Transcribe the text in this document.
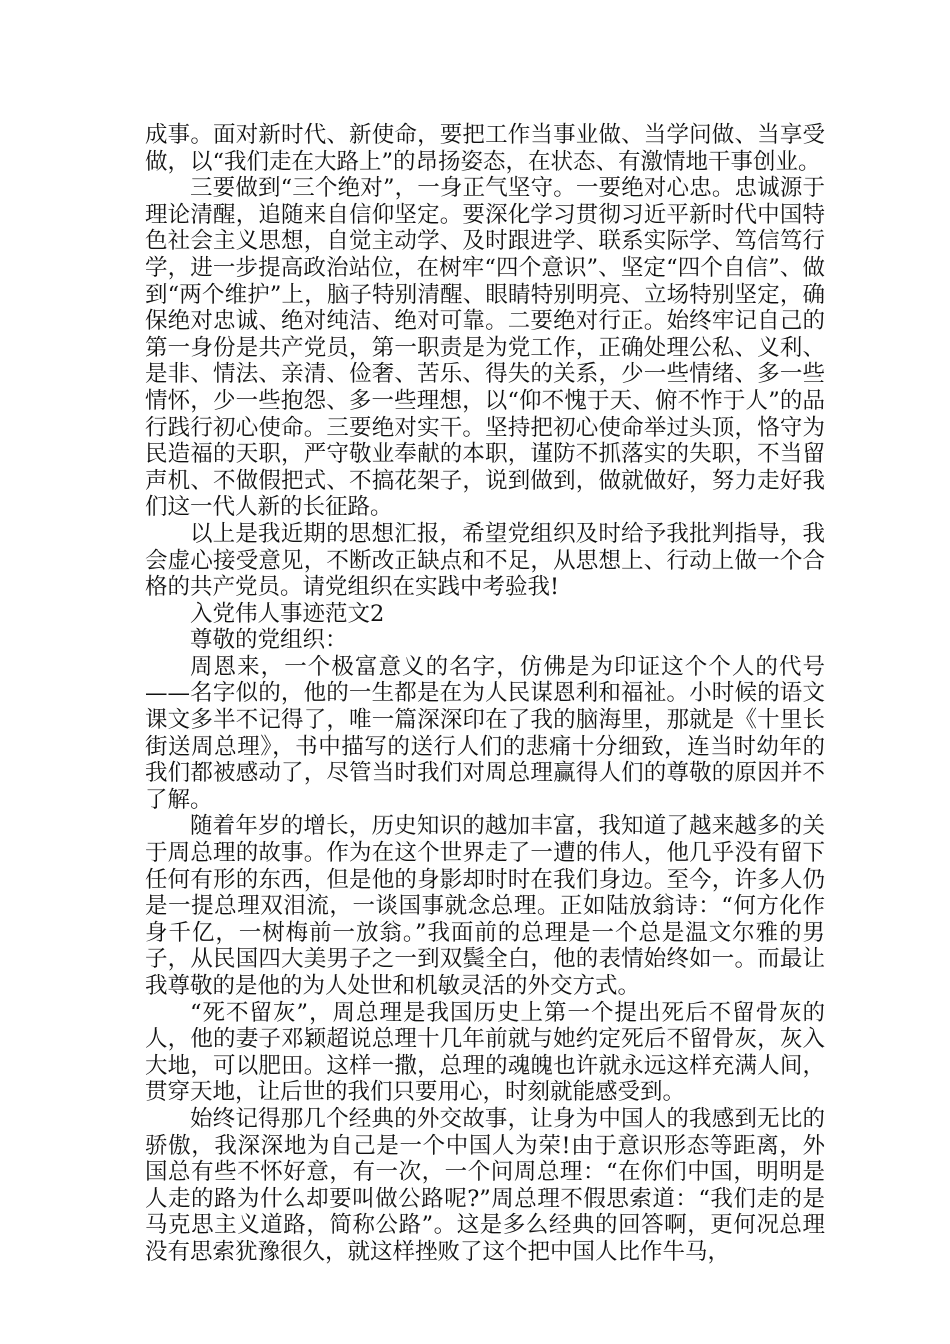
成事。面对新时代、新使命，要把工作当事业做、当学问做、当享受做，以“我们走在大路上”的昂扬姿态，在状态、有激情地干事创业。

三要做到“三个绝对”，一身正气坚守。一要绝对心忠。忠诚源于理论清醒，追随来自信仰坚定。要深化学习贯彻习近平新时代中国特色社会主义思想，自觉主动学、及时跟进学、联系实际学、笃信笃行学，进一步提高政治站位，在树牢“四个意识”、坚定“四个自信”、做到“两个维护”上，脑子特别清醒、眼睛特别明亮、立场特别坚定，确保绝对忠诚、绝对纯洁、绝对可靠。二要绝对行正。始终牢记自己的第一身份是共产党员，第一职责是为党工作，正确处理公私、义利、是非、情法、亲清、俭奢、苦乐、得失的关系，少一些情绪、多一些情怀，少一些抱怨、多一些理想，以“仰不愧于天、俯不怍于人”的品行践行初心使命。三要绝对实干。坚持把初心使命举过头顶，恪守为民造福的天职，严守敬业奉献的本职，谨防不抓落实的失职，不当留声机、不做假把式、不搞花架子，说到做到，做就做好，努力走好我们这一代人新的长征路。

以上是我近期的思想汇报，希望党组织及时给予我批判指导，我会虚心接受意见，不断改正缺点和不足，从思想上、行动上做一个合格的共产党员。请党组织在实践中考验我!

入党伟人事迹范文2

尊敬的党组织：

周恩来，一个极富意义的名字，仿佛是为印证这个个人的代号——名字似的，他的一生都是在为人民谋恩利和福祉。小时候的语文课文多半不记得了，唯一篇深深印在了我的脑海里，那就是《十里长街送周总理》，书中描写的送行人们的悲痛十分细致，连当时幼年的我们都被感动了，尽管当时我们对周总理赢得人们的尊敬的原因并不了解。

随着年岁的增长，历史知识的越加丰富，我知道了越来越多的关于周总理的故事。作为在这个世界走了一遭的伟人，他几乎没有留下任何有形的东西，但是他的身影却时时在我们身边。至今，许多人仍是一提总理双泪流，一谈国事就念总理。正如陆放翁诗：“何方化作身千亿，一树梅前一放翁。”我面前的总理是一个总是温文尔雅的男子，从民国四大美男子之一到双鬓全白，他的表情始终如一。而最让我尊敬的是他的为人处世和机敏灵活的外交方式。

“死不留灰”，周总理是我国历史上第一个提出死后不留骨灰的人，他的妻子邓颖超说总理十几年前就与她约定死后不留骨灰，灰入大地，可以肥田。这样一撒，总理的魂魄也许就永远这样充满人间，贯穿天地，让后世的我们只要用心，时刻就能感受到。

始终记得那几个经典的外交故事，让身为中国人的我感到无比的骄傲，我深深地为自己是一个中国人为荣!由于意识形态等距离，外国总有些不怀好意，有一次，一个问周总理：“在你们中国，明明是人走的路为什么却要叫做公路呢?”周总理不假思索道：“我们走的是马克思主义道路，简称公路”。这是多么经典的回答啊，更何况总理没有思索犹豫很久，就这样挫败了这个把中国人比作牛马，
